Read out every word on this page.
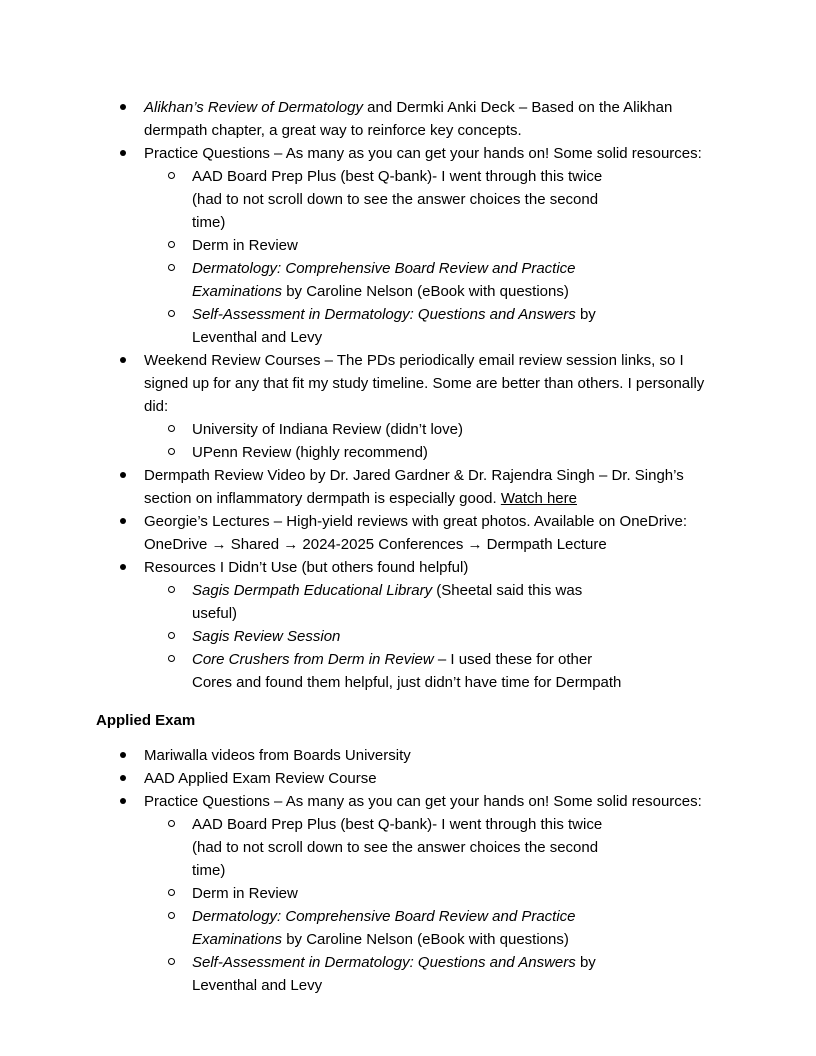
Alikhan’s Review of Dermatology and Dermki Anki Deck – Based on the Alikhan dermpath chapter, a great way to reinforce key concepts.
Practice Questions – As many as you can get your hands on! Some solid resources:
AAD Board Prep Plus (best Q-bank)- I went through this twice (had to not scroll down to see the answer choices the second time)
Derm in Review
Dermatology: Comprehensive Board Review and Practice Examinations by Caroline Nelson (eBook with questions)
Self-Assessment in Dermatology: Questions and Answers by Leventhal and Levy
Weekend Review Courses – The PDs periodically email review session links, so I signed up for any that fit my study timeline. Some are better than others. I personally did:
University of Indiana Review (didn’t love)
UPenn Review (highly recommend)
Dermpath Review Video by Dr. Jared Gardner & Dr. Rajendra Singh – Dr. Singh’s section on inflammatory dermpath is especially good. Watch here
Georgie’s Lectures – High-yield reviews with great photos. Available on OneDrive: OneDrive → Shared → 2024-2025 Conferences → Dermpath Lecture
Resources I Didn’t Use (but others found helpful)
Sagis Dermpath Educational Library (Sheetal said this was useful)
Sagis Review Session
Core Crushers from Derm in Review – I used these for other Cores and found them helpful, just didn’t have time for Dermpath
Applied Exam
Mariwalla videos from Boards University
AAD Applied Exam Review Course
Practice Questions – As many as you can get your hands on! Some solid resources:
AAD Board Prep Plus (best Q-bank)- I went through this twice (had to not scroll down to see the answer choices the second time)
Derm in Review
Dermatology: Comprehensive Board Review and Practice Examinations by Caroline Nelson (eBook with questions)
Self-Assessment in Dermatology: Questions and Answers by Leventhal and Levy
